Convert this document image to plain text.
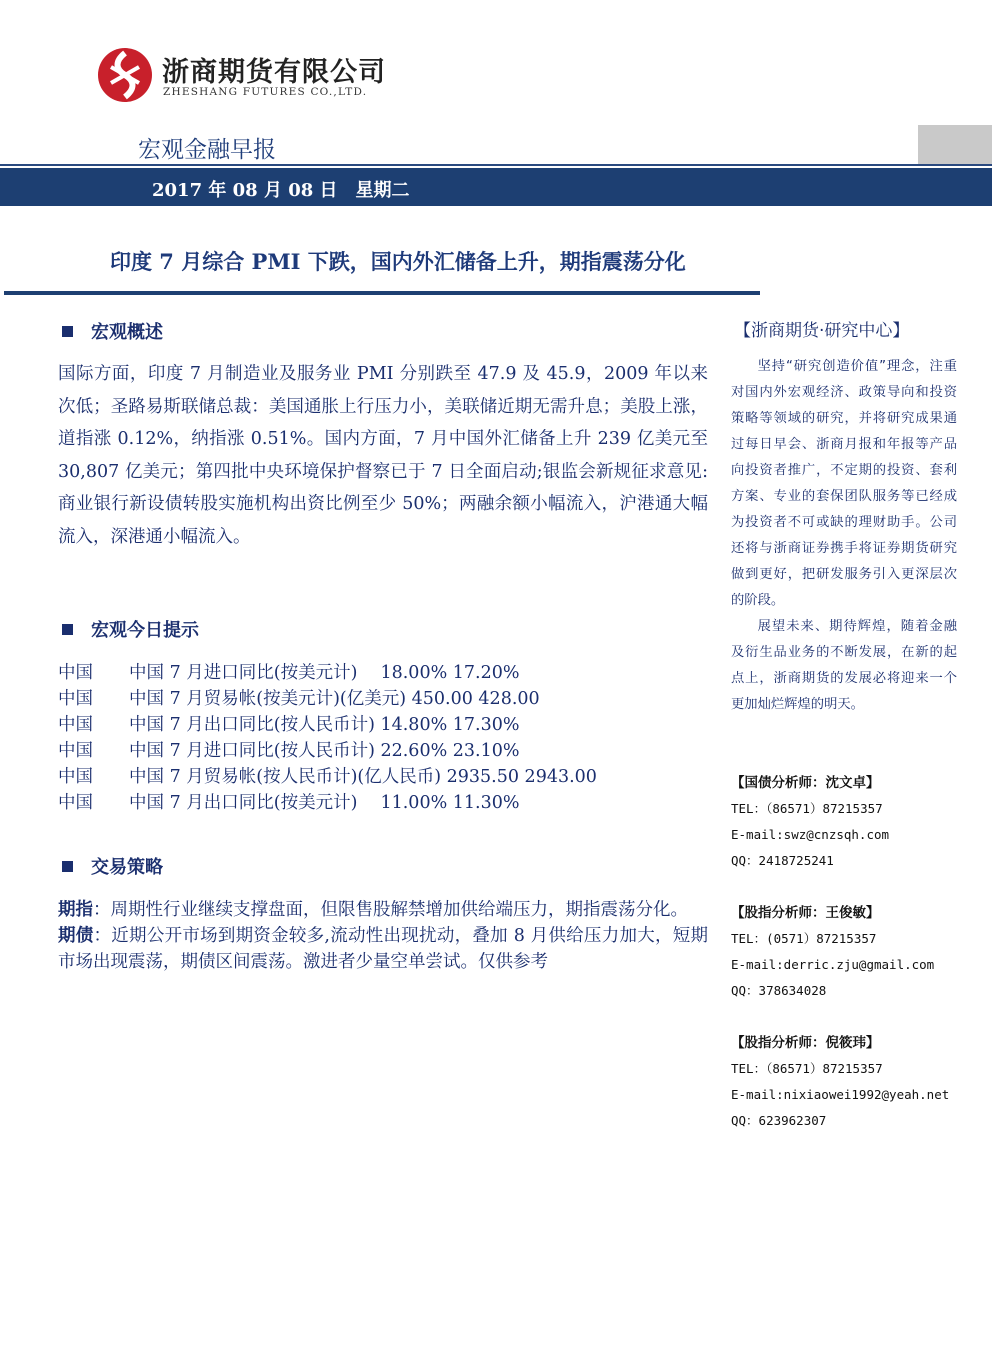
浙商期货有限公司
ZHESHANG FUTURES CO.,LTD.
宏观金融早报
2017 年 08 月 08 日　星期二
印度 7 月综合 PMI 下跌，国内外汇储备上升，期指震荡分化
宏观概述
国际方面，印度 7 月制造业及服务业 PMI 分别跌至 47.9 及 45.9，2009 年以来次低；圣路易斯联储总裁：美国通胀上行压力小，美联储近期无需升息；美股上涨，道指涨 0.12%，纳指涨 0.51%。国内方面，7 月中国外汇储备上升 239 亿美元至 30,807 亿美元；第四批中央环境保护督察已于 7 日全面启动;银监会新规征求意见:商业银行新设债转股实施机构出资比例至少 50%；两融余额小幅流入，沪港通大幅流入，深港通小幅流入。
宏观今日提示
中国 中国 7 月进口同比(按美元计)　 18.00% 17.20%
中国 中国 7 月贸易帐(按美元计)(亿美元) 450.00 428.00
中国 中国 7 月出口同比(按人民币计) 14.80% 17.30%
中国 中国 7 月进口同比(按人民币计) 22.60% 23.10%
中国 中国 7 月贸易帐(按人民币计)(亿人民币) 2935.50 2943.00
中国 中国 7 月出口同比(按美元计)　 11.00% 11.30%
交易策略

期指：周期性行业继续支撑盘面，但限售股解禁增加供给端压力，期指震荡分化。

期债：近期公开市场到期资金较多,流动性出现扰动，叠加 8 月供给压力加大，短期市场出现震荡，期债区间震荡。激进者少量空单尝试。仅供参考

【浙商期货·研究中心】
坚持“研究创造价值”理念，注重对国内外宏观经济、政策导向和投资策略等领域的研究，并将研究成果通过每日早会、浙商月报和年报等产品向投资者推广，不定期的投资、套利方案、专业的套保团队服务等已经成为投资者不可或缺的理财助手。公司还将与浙商证券携手将证券期货研究做到更好，把研发服务引入更深层次的阶段。
展望未来、期待辉煌，随着金融及衍生品业务的不断发展，在新的起点上，浙商期货的发展必将迎来一个更加灿烂辉煌的明天。
【国债分析师：沈文卓】
TEL：（86571）87215357
E-mail:swz@cnzsqh.com
QQ：2418725241
【股指分析师：王俊敏】
TEL：(0571）87215357
E-mail:derric.zju@gmail.com
QQ：378634028
【股指分析师：倪筱玮】
TEL：（86571）87215357
E-mail:nixiaowei1992@yeah.net
QQ：623962307
